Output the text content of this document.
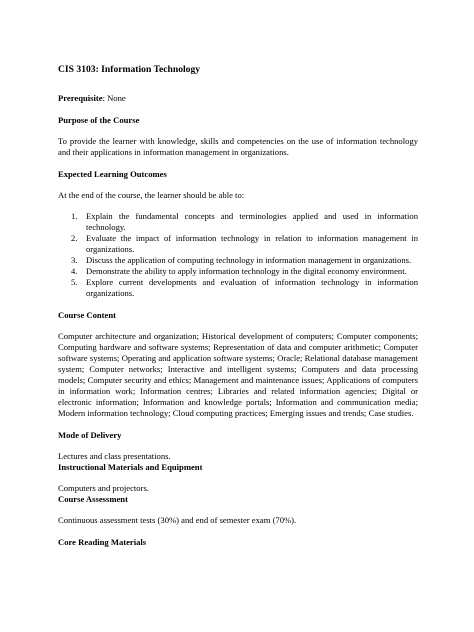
CIS 3103: Information Technology

Prerequisite: None

Purpose of the Course

To provide the learner with knowledge, skills and competencies on the use of information technology and their applications in information management in organizations.

Expected Learning Outcomes

At the end of the course, the learner should be able to:

1. Explain the fundamental concepts and terminologies applied and used in information technology.
2. Evaluate the impact of information technology in relation to information management in organizations.
3. Discuss the application of computing technology in information management in organizations.
4. Demonstrate the ability to apply information technology in the digital economy environment.
5. Explore current developments and evaluation of information technology in information organizations.

Course Content

Computer architecture and organization; Historical development of computers; Computer components; Computing hardware and software systems; Representation of data and computer arithmetic; Computer software systems; Operating and application software systems; Oracle; Relational database management system; Computer networks; Interactive and intelligent systems; Computers and data processing models; Computer security and ethics; Management and maintenance issues; Applications of computers in information work; Information centres; Libraries and related information agencies; Digital or electronic information; Information and knowledge portals; Information and communication media; Modern information technology; Cloud computing practices; Emerging issues and trends; Case studies.

Mode of Delivery

Lectures and class presentations.

Instructional Materials and Equipment

Computers and projectors.

Course Assessment

Continuous assessment tests (30%) and end of semester exam (70%).

Core Reading Materials
